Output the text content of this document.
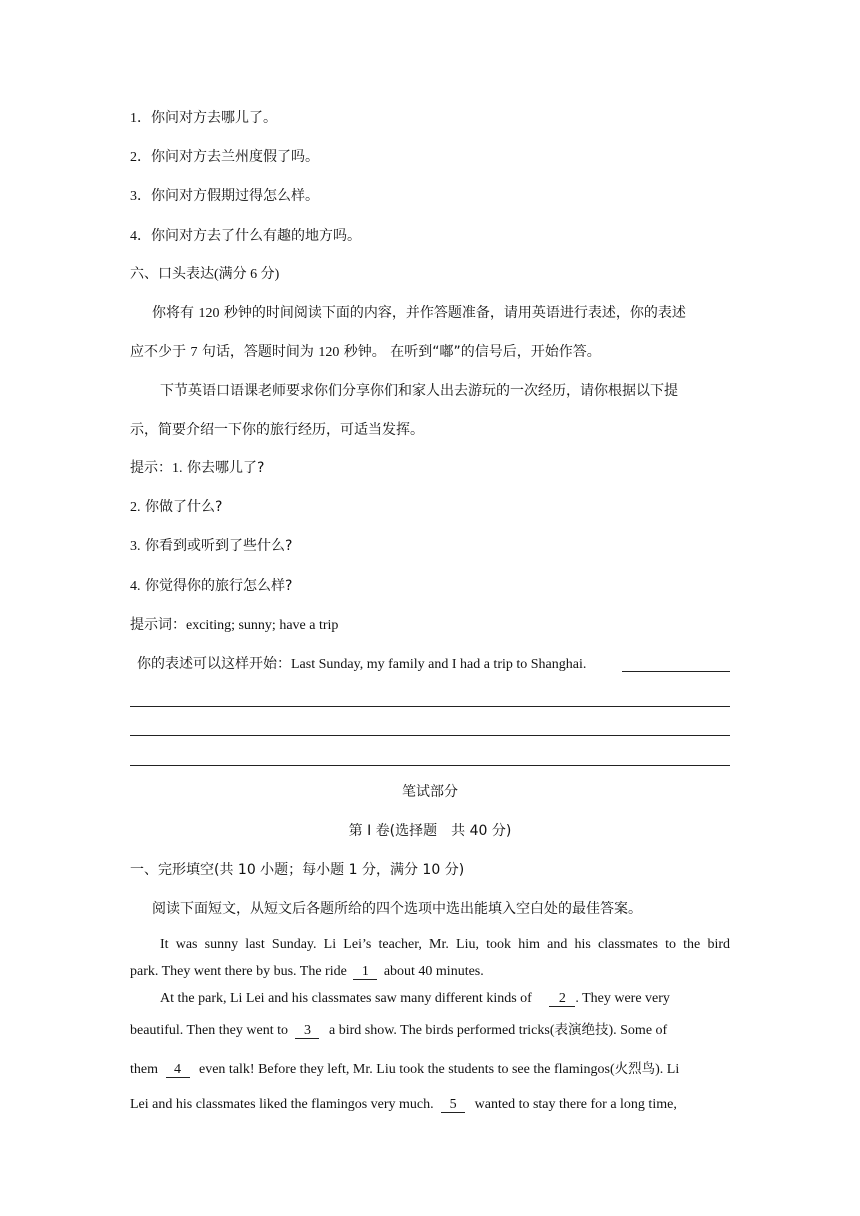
1．你问对方去哪儿了。
2．你问对方去兰州度假了吗。
3．你问对方假期过得怎么样。
4．你问对方去了什么有趣的地方吗。
六、口头表达(满分 6 分)
你将有 120 秒钟的时间阅读下面的内容，并作答题准备，请用英语进行表述，你的表述
应不少于 7 句话，答题时间为 120 秒钟。 在听到“嘟”的信号后，开始作答。
下节英语口语课老师要求你们分享你们和家人出去游玩的一次经历，请你根据以下提
示，简要介绍一下你的旅行经历，可适当发挥。
提示：1. 你去哪儿了?
2. 你做了什么?
3. 你看到或听到了些什么?
4. 你觉得你的旅行怎么样?
提示词：exciting; sunny; have a trip
你的表述可以这样开始：Last Sunday, my family and I had a trip to Shanghai.
笔试部分
第 Ⅰ 卷(选择题　共 40 分)
一、完形填空(共 10 小题；每小题 1 分，满分 10 分)
阅读下面短文，从短文后各题所给的四个选项中选出能填入空白处的最佳答案。
It was sunny last Sunday. Li Lei’s teacher, Mr. Liu, took him and his classmates to the bird
park. They went there by bus. The ride 1 about 40 minutes.
At the park, Li Lei and his classmates saw many different kinds of 2 . They were very
beautiful. Then they went to 3 a bird show. The birds performed tricks(表演绝技). Some of
them 4 even talk! Before they left, Mr. Liu took the students to see the flamingos(火烈鸟). Li
Lei and his classmates liked the flamingos very much. 5 wanted to stay there for a long time,
